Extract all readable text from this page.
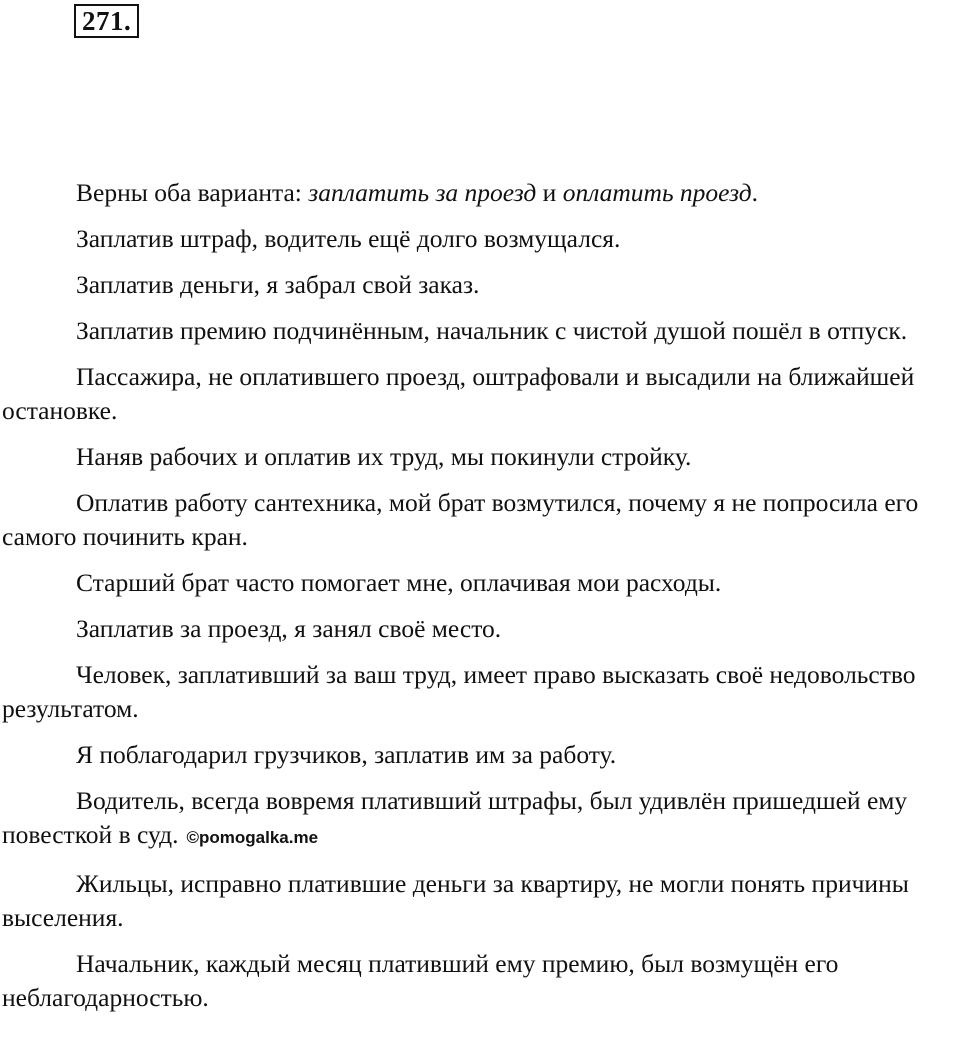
271.

Верны оба варианта: заплатить за проезд и оплатить проезд.

Заплатив штраф, водитель ещё долго возмущался.

Заплатив деньги, я забрал свой заказ.

Заплатив премию подчинённым, начальник с чистой душой пошёл в отпуск.

Пассажира, не оплатившего проезд, оштрафовали и высадили на ближайшей остановке.

Наняв рабочих и оплатив их труд, мы покинули стройку.

Оплатив работу сантехника, мой брат возмутился, почему я не попросила его самого починить кран.

Старший брат часто помогает мне, оплачивая мои расходы.

Заплатив за проезд, я занял своё место.

Человек, заплативший за ваш труд, имеет право высказать своё недовольство результатом.

Я поблагодарил грузчиков, заплатив им за работу.

Водитель, всегда вовремя плативший штрафы, был удивлён пришедшей ему повесткой в суд. ©pomogalka.me

Жильцы, исправно платившие деньги за квартиру, не могли понять причины выселения.

Начальник, каждый месяц плативший ему премию, был возмущён его неблагодарностью.
